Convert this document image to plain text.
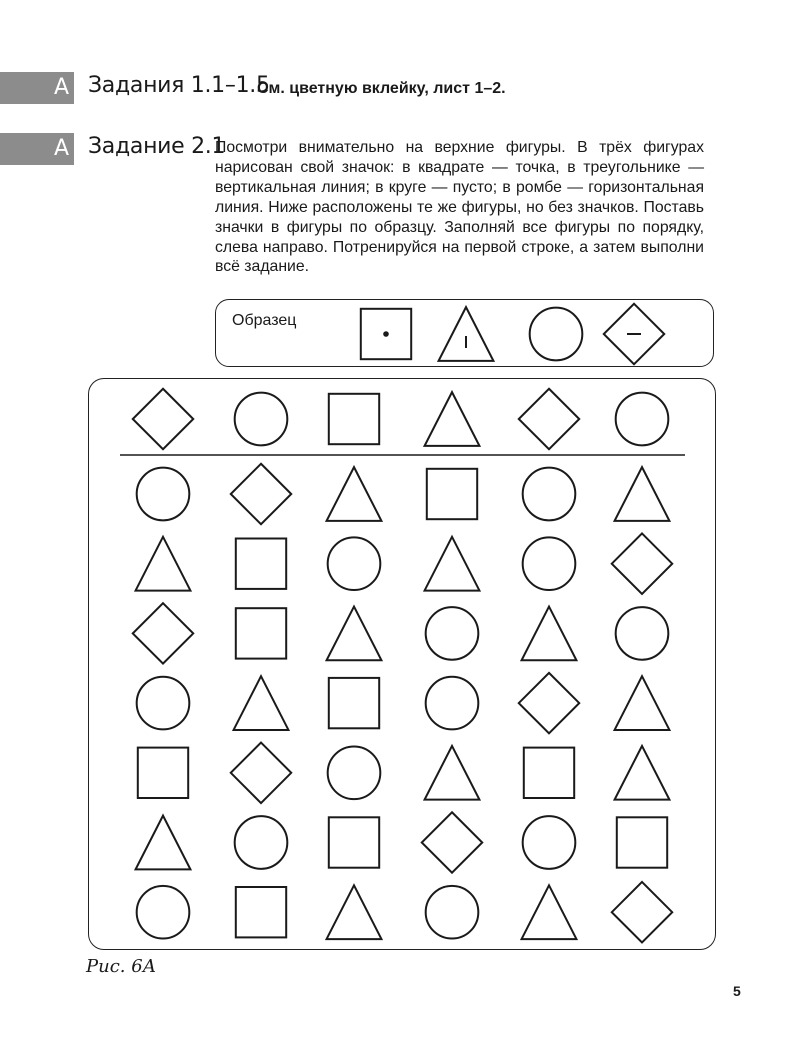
А Задания 1.1–1.5
См. цветную вклейку, лист 1–2.
А Задание 2.1

Посмотри внимательно на верхние фигуры. В трёх фигурах нарисован свой значок: в квадрате — точка, в треугольнике — вертикальная линия; в круге — пусто; в ромбе — горизонтальная линия. Ниже расположены те же фигуры, но без значков. Поставь значки в фигуры по образцу. Заполняй все фигуры по порядку, слева направо. Потренируйся на первой строке, а затем выполни всё задание.

Образец
Рис. 6А
5
